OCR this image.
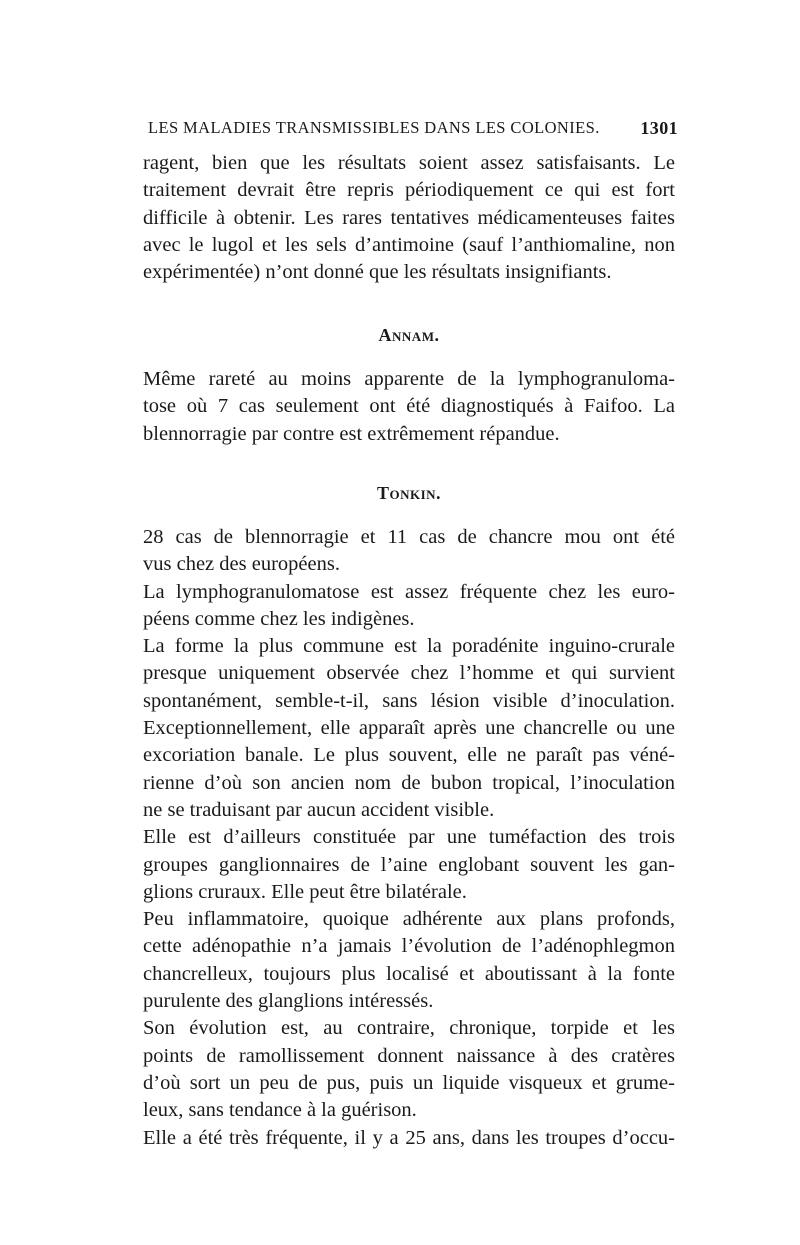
LES MALADIES TRANSMISSIBLES DANS LES COLONIES. 1301
ragent, bien que les résultats soient assez satisfaisants. Le
traitement devrait être repris périodiquement ce qui est fort
difficile à obtenir. Les rares tentatives médicamenteuses faites
avec le lugol et les sels d’antimoine (sauf l’anthiomaline, non
expérimentée) n’ont donné que les résultats insignifiants.
Annam.
Même rareté au moins apparente de la lymphogranuloma-
tose où 7 cas seulement ont été diagnostiqués à Faifoo. La
blennorragie par contre est extrêmement répandue.
Tonkin.
28 cas de blennorragie et 11 cas de chancre mou ont été
vus chez des européens.
La lymphogranulomatose est assez fréquente chez les euro-
péens comme chez les indigènes.
La forme la plus commune est la poradénite inguino-crurale
presque uniquement observée chez l’homme et qui survient
spontanément, semble-t-il, sans lésion visible d’inoculation.
Exceptionnellement, elle apparaît après une chancrelle ou une
excoriation banale. Le plus souvent, elle ne paraît pas véné-
rienne d’où son ancien nom de bubon tropical, l’inoculation
ne se traduisant par aucun accident visible.
Elle est d’ailleurs constituée par une tuméfaction des trois
groupes ganglionnaires de l’aine englobant souvent les gan-
glions cruraux. Elle peut être bilatérale.
Peu inflammatoire, quoique adhérente aux plans profonds,
cette adénopathie n’a jamais l’évolution de l’adénophlegmon
chancrelleux, toujours plus localisé et aboutissant à la fonte
purulente des glanglions intéressés.
Son évolution est, au contraire, chronique, torpide et les
points de ramollissement donnent naissance à des cratères
d’où sort un peu de pus, puis un liquide visqueux et grume-
leux, sans tendance à la guérison.
Elle a été très fréquente, il y a 25 ans, dans les troupes d’occu-
